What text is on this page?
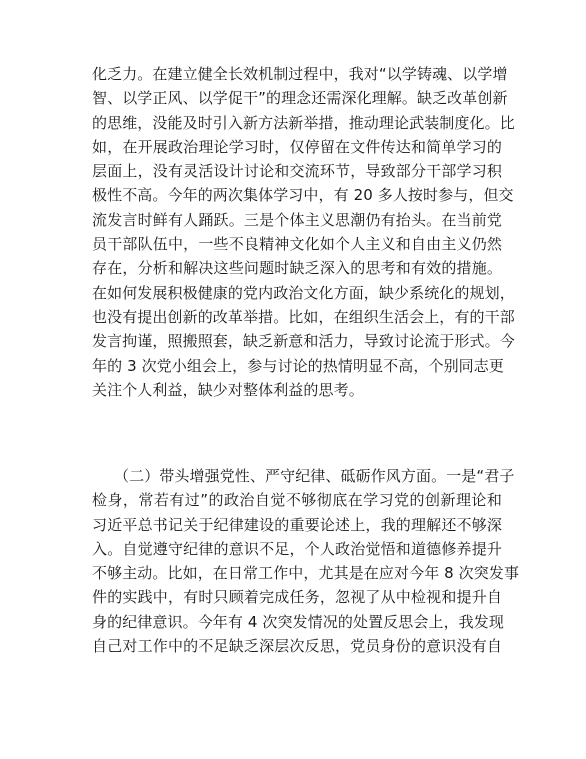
化乏力。在建立健全长效机制过程中，我对“以学铸魂、以学增
智、以学正风、以学促干”的理念还需深化理解。缺乏改革创新
的思维，没能及时引入新方法新举措，推动理论武装制度化。比
如，在开展政治理论学习时，仅停留在文件传达和简单学习的
层面上，没有灵活设计讨论和交流环节，导致部分干部学习积
极性不高。今年的两次集体学习中，有 20 多人按时参与，但交
流发言时鲜有人踊跃。三是个体主义思潮仍有抬头。在当前党
员干部队伍中，一些不良精神文化如个人主义和自由主义仍然
存在，分析和解决这些问题时缺乏深入的思考和有效的措施。
在如何发展积极健康的党内政治文化方面，缺少系统化的规划，
也没有提出创新的改革举措。比如，在组织生活会上，有的干部
发言拘谨，照搬照套，缺乏新意和活力，导致讨论流于形式。今
年的 3 次党小组会上，参与讨论的热情明显不高，个别同志更
关注个人利益，缺少对整体利益的思考。
（二）带头增强党性、严守纪律、砥砺作风方面。一是“君子
检身，常若有过”的政治自觉不够彻底在学习党的创新理论和
习近平总书记关于纪律建设的重要论述上，我的理解还不够深
入。自觉遵守纪律的意识不足，个人政治觉悟和道德修养提升
不够主动。比如，在日常工作中，尤其是在应对今年 8 次突发事
件的实践中，有时只顾着完成任务，忽视了从中检视和提升自
身的纪律意识。今年有 4 次突发情况的处置反思会上，我发现
自己对工作中的不足缺乏深层次反思，党员身份的意识没有自
